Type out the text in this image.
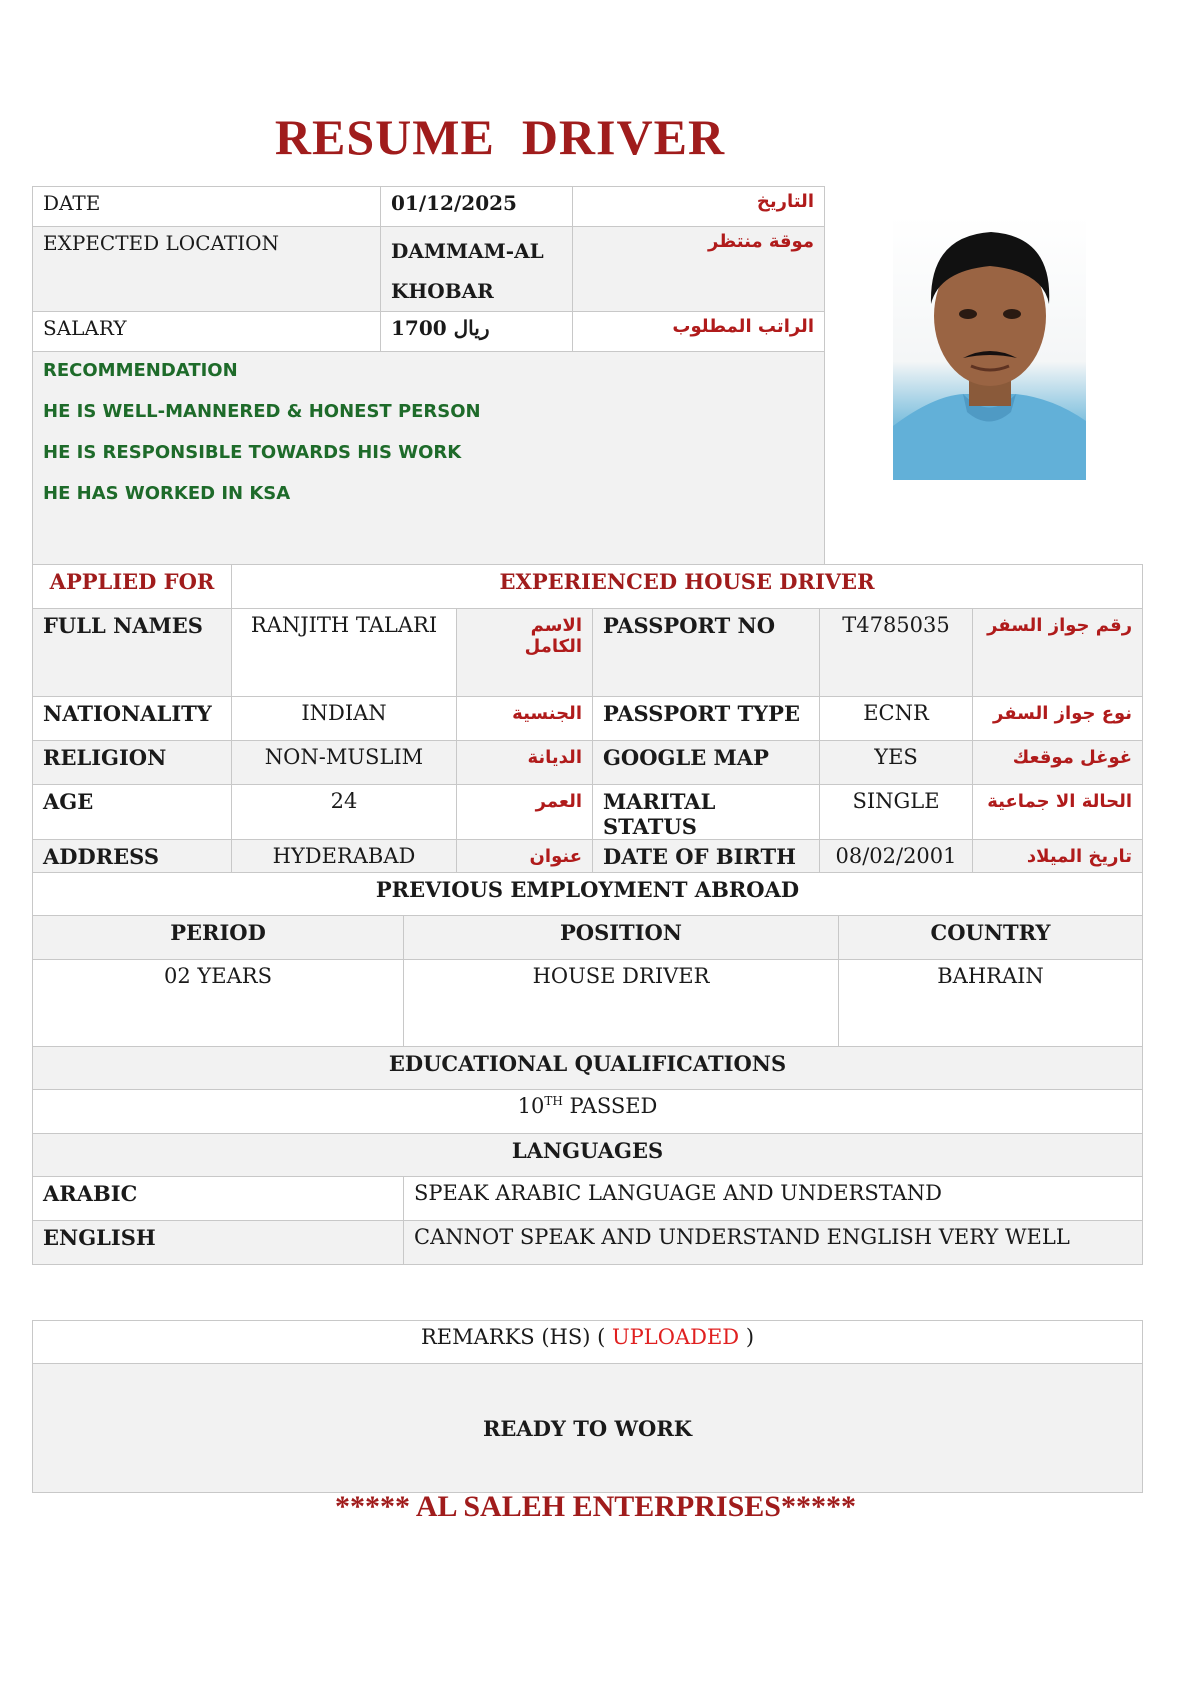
RESUME  DRIVER
DATE	01/12/2025	التاريخ
EXPECTED LOCATION	DAMMAM-AL KHOBAR	موقة منتظر
SALARY	1700 ريال	الراتب المطلوب

RECOMMENDATION
HE IS WELL-MANNERED & HONEST PERSON
HE IS RESPONSIBLE TOWARDS HIS WORK
HE HAS WORKED IN KSA		
APPLIED FOR	EXPERIENCED HOUSE DRIVER				
FULL NAMES	RANJITH TALARI	الاسم الكامل	PASSPORT NO	T4785035	رقم جواز السفر
NATIONALITY	INDIAN	الجنسية	PASSPORT TYPE	ECNR	نوع جواز السفر
RELIGION	NON-MUSLIM	الديانة	GOOGLE MAP	YES	غوغل موقعك
AGE	24	العمر	MARITAL STATUS	SINGLE	الحالة الا جماعية
ADDRESS	HYDERABAD	عنوان	DATE OF BIRTH	08/02/2001	تاريخ الميلاد
PREVIOUS EMPLOYMENT ABROAD		
PERIOD	POSITION	COUNTRY
02 YEARS	HOUSE DRIVER	BAHRAIN
EDUCATIONAL QUALIFICATIONS		
10TH PASSED		
LANGUAGES		
ARABIC	SPEAK ARABIC LANGUAGE AND UNDERSTAND	
ENGLISH	CANNOT SPEAK AND UNDERSTAND ENGLISH VERY WELL	
REMARKS (HS) ( UPLOADED )
READY TO WORK
***** AL SALEH ENTERPRISES*****
